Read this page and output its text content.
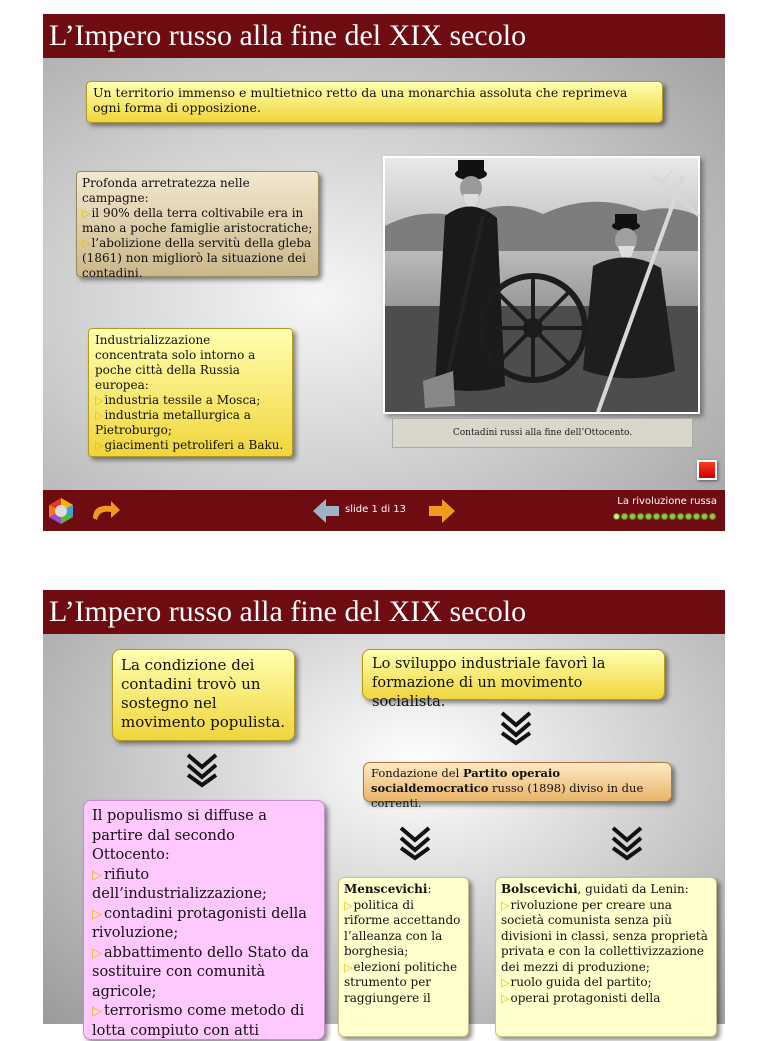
L’Impero russo alla fine del XIX secolo
Un territorio immenso e multietnico retto da una monarchia assoluta che reprimeva ogni forma di opposizione.
Profonda arretratezza nelle campagne:
▷il 90% della terra coltivabile era in mano a poche famiglie aristocratiche;
▷l’abolizione della servitù della gleba (1861) non migliorò la situazione dei contadini.
Industrializzazione concentrata solo intorno a poche città della Russia europea:
▷industria tessile a Mosca;
▷industria metallurgica a Pietroburgo;
▷giacimenti petroliferi a Baku.
Contadini russi alla fine dell’Ottocento.
slide 1 di 13
La rivoluzione russa
L’Impero russo alla fine del XIX secolo
La condizione dei contadini trovò un sostegno nel movimento populista.
Lo sviluppo industriale favorì la formazione di un movimento socialista.
Fondazione del Partito operaio socialdemocratico russo (1898) diviso in due correnti.
Il populismo si diffuse a partire dal secondo Ottocento:
▷ rifiuto dell’industrializzazione;
▷ contadini protagonisti della rivoluzione;
▷ abbattimento dello Stato da sostituire con comunità agricole;
▷ terrorismo come metodo di lotta compiuto con atti
Menscevichi:
▷politica di riforme accettando l’alleanza con la borghesia;
▷elezioni politiche strumento per raggiungere il
Bolscevichi, guidati da Lenin:
▷rivoluzione per creare una società comunista senza più divisioni in classi, senza proprietà privata e con la collettivizzazione dei mezzi di produzione;
▷ruolo guida del partito;
▷operai protagonisti della
